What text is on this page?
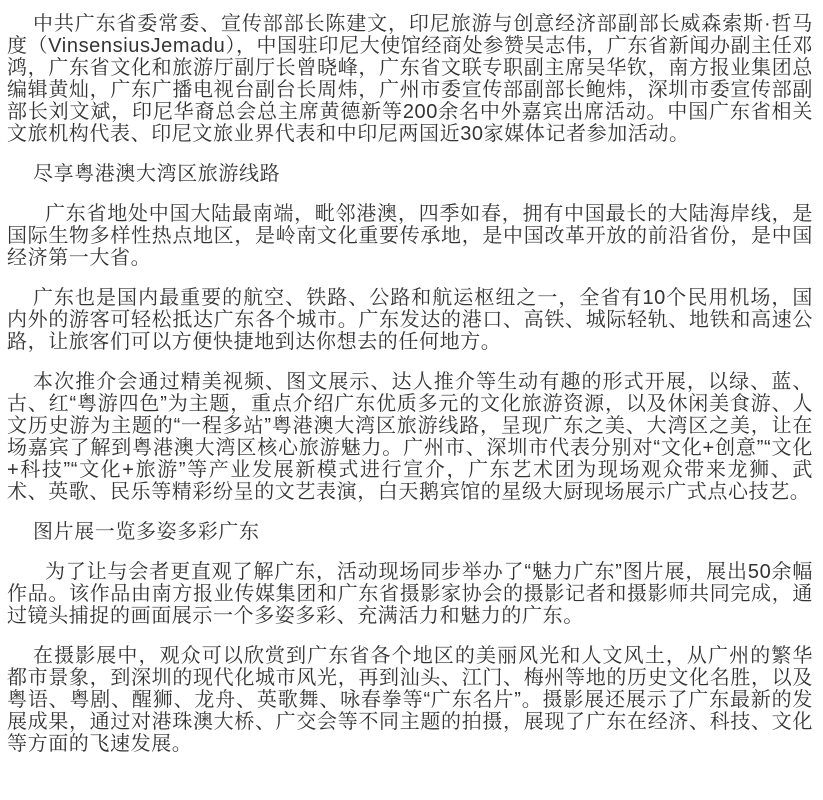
中共广东省委常委、宣传部部长陈建文，印尼旅游与创意经济部副部长威森索斯·哲马度（VinsensiusJemadu），中国驻印尼大使馆经商处参赞吴志伟，广东省新闻办副主任邓鸿，广东省文化和旅游厅副厅长曾晓峰，广东省文联专职副主席吴华钦，南方报业集团总编辑黄灿，广东广播电视台副台长周炜，广州市委宣传部副部长鲍炜，深圳市委宣传部副部长刘文斌，印尼华裔总会总主席黄德新等200余名中外嘉宾出席活动。中国广东省相关文旅机构代表、印尼文旅业界代表和中印尼两国近30家媒体记者参加活动。

尽享粤港澳大湾区旅游线路

广东省地处中国大陆最南端，毗邻港澳，四季如春，拥有中国最长的大陆海岸线，是国际生物多样性热点地区，是岭南文化重要传承地，是中国改革开放的前沿省份，是中国经济第一大省。

广东也是国内最重要的航空、铁路、公路和航运枢纽之一，全省有10个民用机场，国内外的游客可轻松抵达广东各个城市。广东发达的港口、高铁、城际轻轨、地铁和高速公路，让旅客们可以方便快捷地到达你想去的任何地方。

本次推介会通过精美视频、图文展示、达人推介等生动有趣的形式开展，以绿、蓝、古、红“粤游四色”为主题，重点介绍广东优质多元的文化旅游资源，以及休闲美食游、人文历史游为主题的“一程多站”粤港澳大湾区旅游线路，呈现广东之美、大湾区之美，让在场嘉宾了解到粤港澳大湾区核心旅游魅力。广州市、深圳市代表分别对“文化+创意”“文化+科技”“文化+旅游”等产业发展新模式进行宣介，广东艺术团为现场观众带来龙狮、武术、英歌、民乐等精彩纷呈的文艺表演，白天鹅宾馆的星级大厨现场展示广式点心技艺。

图片展一览多姿多彩广东

为了让与会者更直观了解广东，活动现场同步举办了“魅力广东”图片展，展出50余幅作品。该作品由南方报业传媒集团和广东省摄影家协会的摄影记者和摄影师共同完成，通过镜头捕捉的画面展示一个多姿多彩、充满活力和魅力的广东。

在摄影展中，观众可以欣赏到广东省各个地区的美丽风光和人文风土，从广州的繁华都市景象，到深圳的现代化城市风光，再到汕头、江门、梅州等地的历史文化名胜，以及粤语、粤剧、醒狮、龙舟、英歌舞、咏春拳等“广东名片”。摄影展还展示了广东最新的发展成果，通过对港珠澳大桥、广交会等不同主题的拍摄，展现了广东在经济、科技、文化等方面的飞速发展。
